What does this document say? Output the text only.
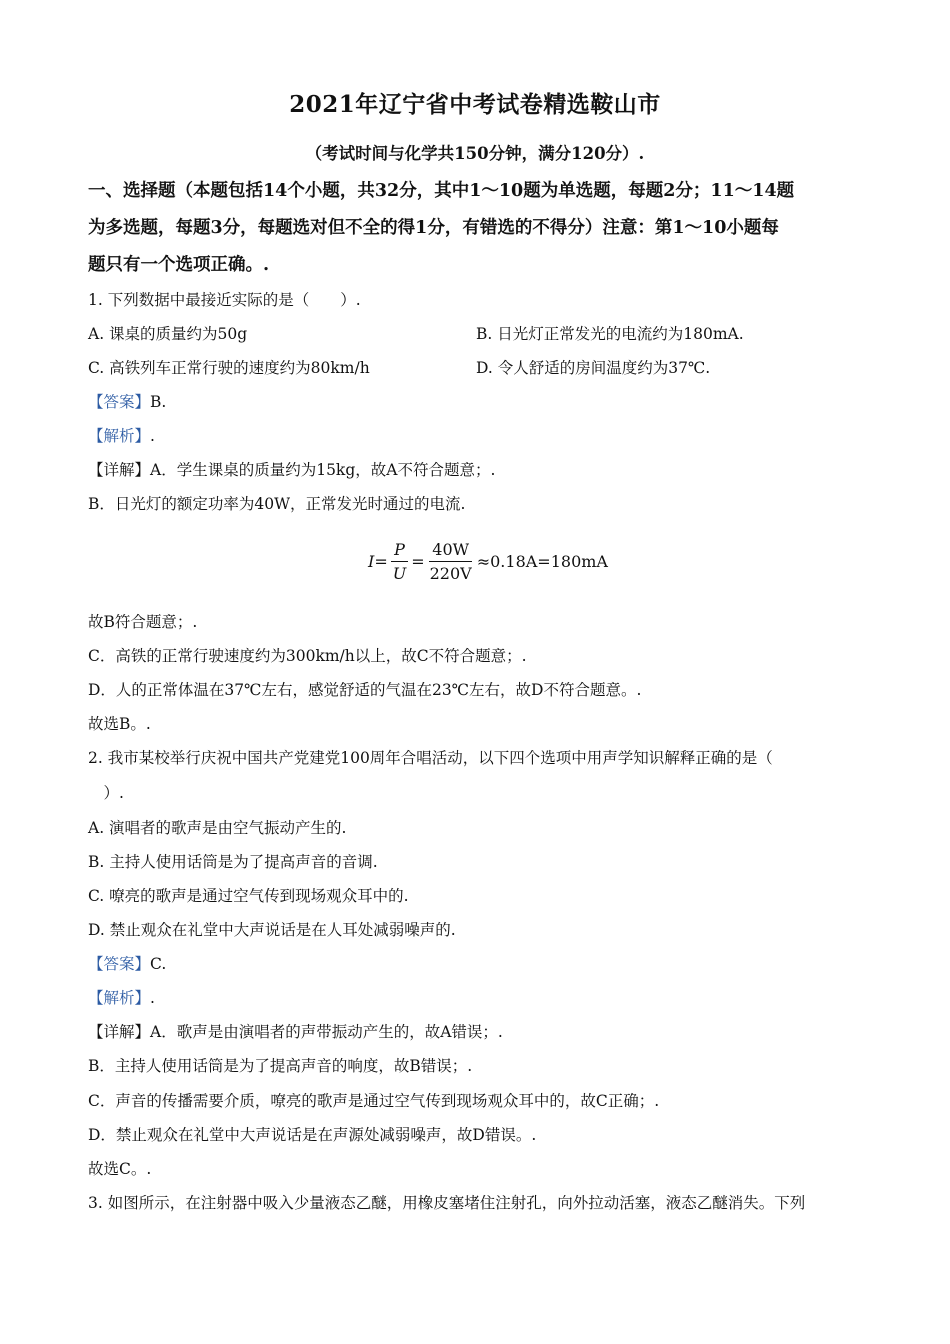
2021年辽宁省中考试卷精选鞍山市
（考试时间与化学共150分钟，满分120分）.
一、选择题（本题包括14个小题，共32分，其中1～10题为单选题，每题2分；11～14题
为多选题，每题3分，每题选对但不全的得1分，有错选的不得分）注意：第1～10小题每
题只有一个选项正确。.
1. 下列数据中最接近实际的是（　　）.
A. 课桌的质量约为50g	B. 日光灯正常发光的电流约为180mA.
C. 高铁列车正常行驶的速度约为80km/h	D. 令人舒适的房间温度约为37℃.
【答案】B.
【解析】.
【详解】A．学生课桌的质量约为15kg，故A不符合题意；.
B．日光灯的额定功率为40W，正常发光时通过的电流.
$I= \frac{P}{U} = \frac{40W}{220V} \approx 0.18A=180mA$
故B符合题意；.
C．高铁的正常行驶速度约为300km/h以上，故C不符合题意；.
D．人的正常体温在37℃左右，感觉舒适的气温在23℃左右，故D不符合题意。.
故选B。.
2. 我市某校举行庆祝中国共产党建党100周年合唱活动，以下四个选项中用声学知识解释正确的是（
　）.
A. 演唱者的歌声是由空气振动产生的.
B. 主持人使用话筒是为了提高声音的音调.
C. 嘹亮的歌声是通过空气传到现场观众耳中的.
D. 禁止观众在礼堂中大声说话是在人耳处减弱噪声的.
【答案】C.
【解析】.
【详解】A．歌声是由演唱者的声带振动产生的，故A错误；.
B．主持人使用话筒是为了提高声音的响度，故B错误；.
C．声音的传播需要介质，嘹亮的歌声是通过空气传到现场观众耳中的，故C正确；.
D．禁止观众在礼堂中大声说话是在声源处减弱噪声，故D错误。.
故选C。.
3. 如图所示，在注射器中吸入少量液态乙醚，用橡皮塞堵住注射孔，向外拉动活塞，液态乙醚消失。下列
